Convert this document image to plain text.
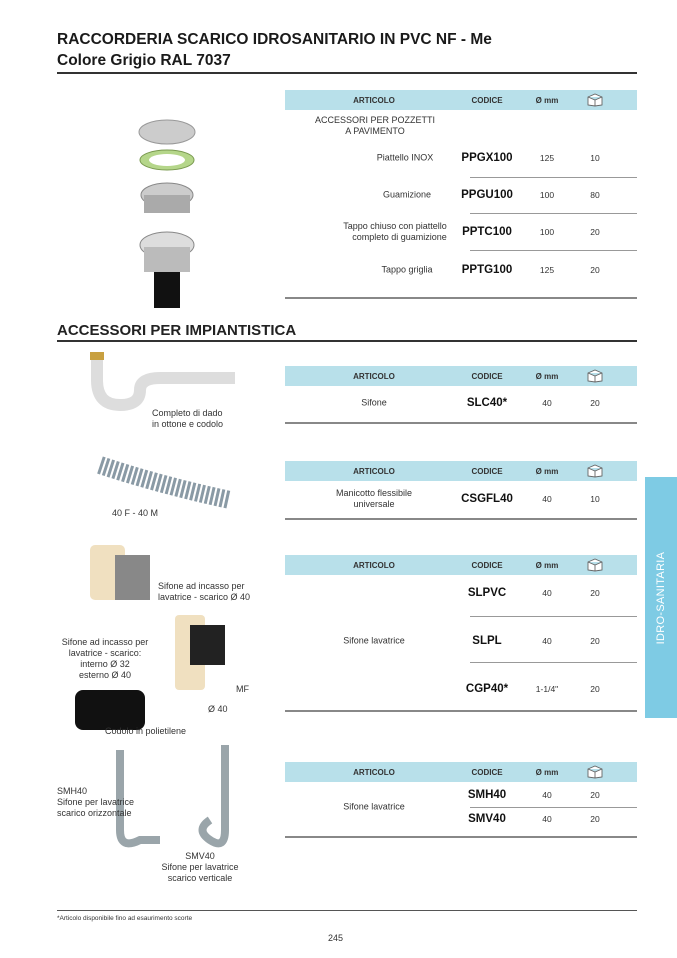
RACCORDERIA SCARICO IDROSANITARIO IN PVC NF - Me
Colore Grigio RAL 7037
ARTICOLO	CODICE	Ø mm
ACCESSORI PER POZZETTI
A PAVIMENTO
Piattello INOX PPGX100	125	10
Guamizione	PPGU100	100	80
Tappo chiuso con piattello
completo di guamizione PPTC100	100	20
Tappo griglia	PPTG100	125	20
ACCESSORI PER IMPIANTISTICA
ARTICOLO	CODICE	Ø mm
Sifone	SLC40*	40	20
ARTICOLO	CODICE	Ø mm
Manicotto flessibile
universale	CSGFL40	40	10
ARTICOLO	CODICE	Ø mm
Sifone lavatrice
SLPVC	40	20
SLPL	40	20
CGP40*	1-1/4"	20
ARTICOLO	CODICE	Ø mm
Sifone lavatrice
SMH40	40	20
SMV40	40	20
Completo di dado
in ottone e codolo
40 F - 40 M
Sifone ad incasso per
lavatrice - scarico Ø 40
Sifone ad incasso per
lavatrice - scarico:
interno Ø 32
esterno Ø 40
MF
Ø 40
Codolo in polietilene
SMH40
Sifone per lavatrice
scarico orizzontale
SMV40
Sifone per lavatrice
scarico verticale
IDRO-SANITARIA
*Articolo disponibile fino ad esaurimento scorte
245
